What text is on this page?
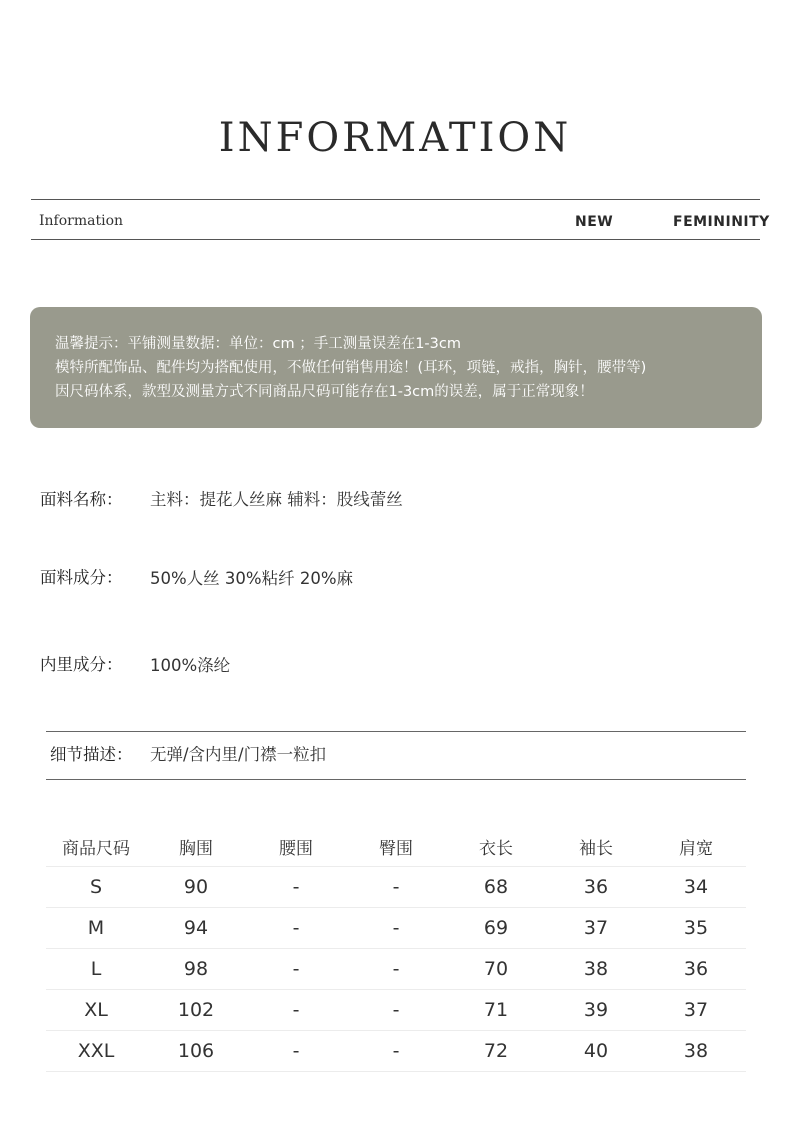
INFORMATION
Information	NEW	FEMININITY
温馨提示：平铺测量数据：单位：cm ；手工测量误差在1-3cm
模特所配饰品、配件均为搭配使用，不做任何销售用途！(耳环，项链，戒指，胸针，腰带等)
因尺码体系，款型及测量方式不同商品尺码可能存在1-3cm的误差，属于正常现象！
面料名称： 主料：提花人丝麻 辅料：股线蕾丝
面料成分： 50%人丝 30%粘纤 20%麻
内里成分： 100%涤纶
细节描述： 无弹/含内里/门襟一粒扣
商品尺码	胸围	腰围	臀围	衣长	袖长	肩宽
S	90	-	-	68	36	34
M	94	-	-	69	37	35
L	98	-	-	70	38	36
XL	102	-	-	71	39	37
XXL	106	-	-	72	40	38
